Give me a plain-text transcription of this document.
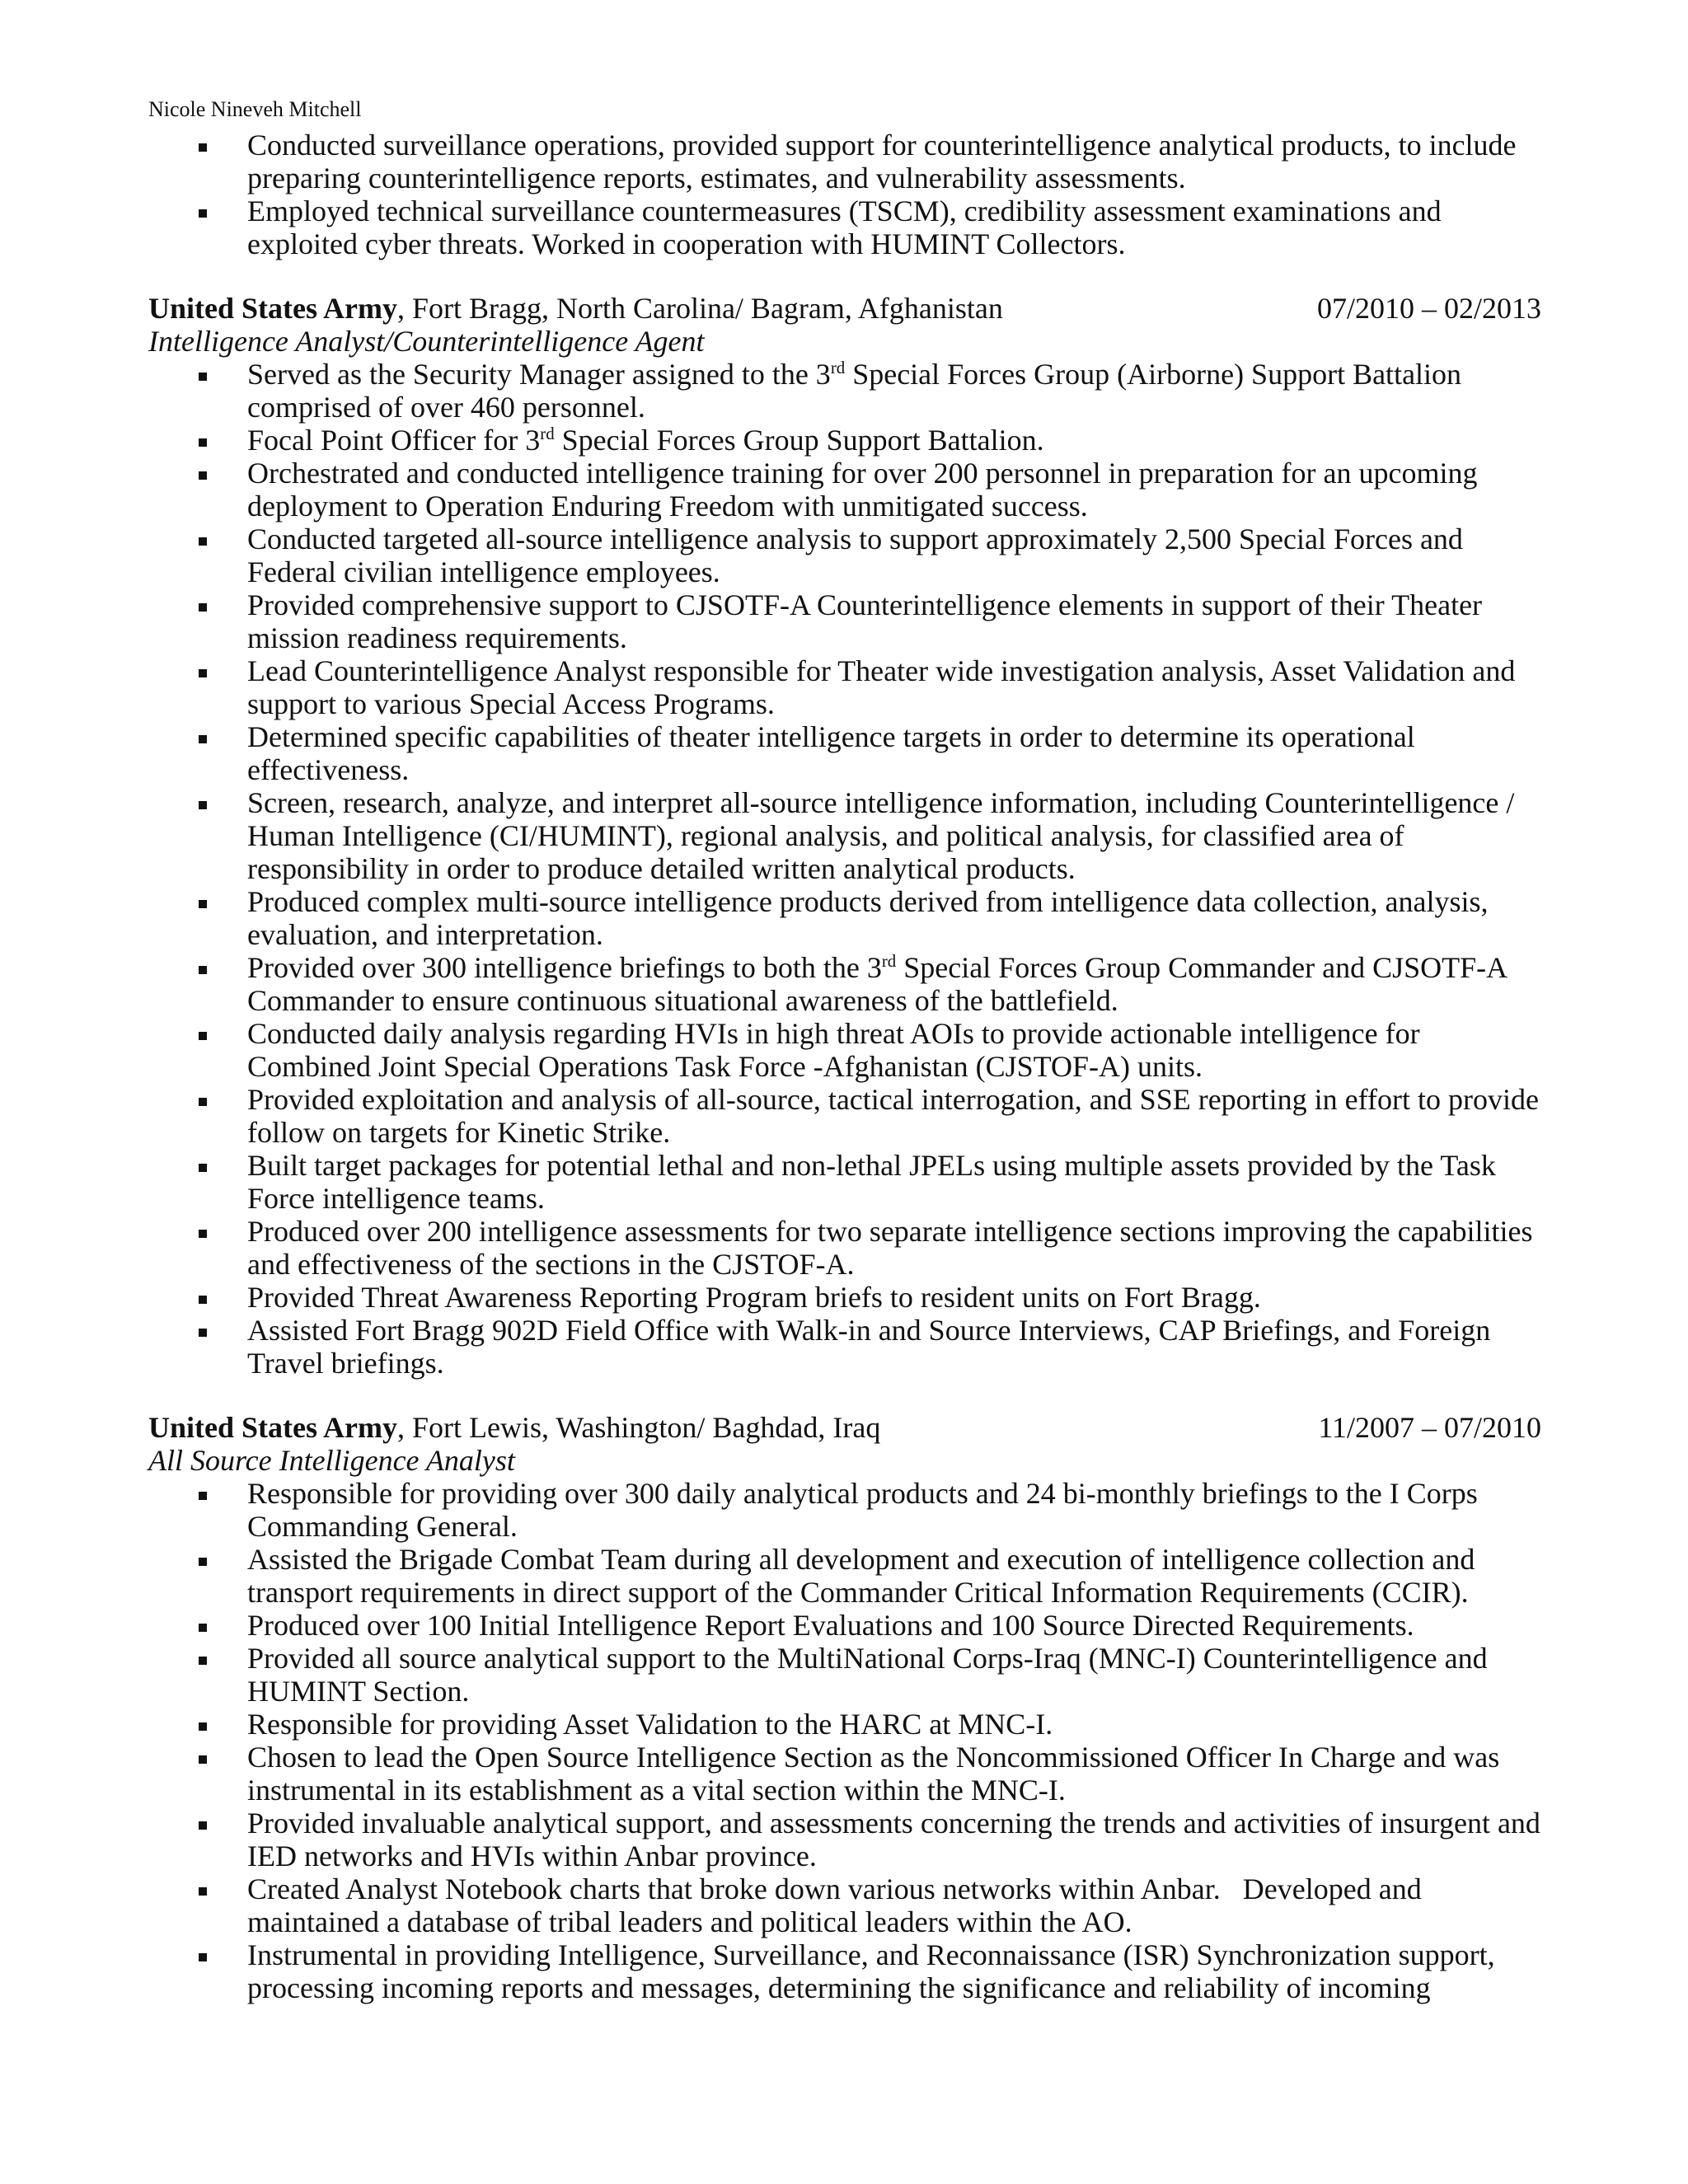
Nicole Nineveh Mitchell
Conducted surveillance operations, provided support for counterintelligence analytical products, to include preparing counterintelligence reports, estimates, and vulnerability assessments.
Employed technical surveillance countermeasures (TSCM), credibility assessment examinations and exploited cyber threats. Worked in cooperation with HUMINT Collectors.
United States Army, Fort Bragg, North Carolina/ Bagram, Afghanistan	07/2010 – 02/2013
Intelligence Analyst/Counterintelligence Agent
Served as the Security Manager assigned to the 3rd Special Forces Group (Airborne) Support Battalion comprised of over 460 personnel.
Focal Point Officer for 3rd Special Forces Group Support Battalion.
Orchestrated and conducted intelligence training for over 200 personnel in preparation for an upcoming deployment to Operation Enduring Freedom with unmitigated success.
Conducted targeted all-source intelligence analysis to support approximately 2,500 Special Forces and Federal civilian intelligence employees.
Provided comprehensive support to CJSOTF-A Counterintelligence elements in support of their Theater mission readiness requirements.
Lead Counterintelligence Analyst responsible for Theater wide investigation analysis, Asset Validation and support to various Special Access Programs.
Determined specific capabilities of theater intelligence targets in order to determine its operational effectiveness.
Screen, research, analyze, and interpret all-source intelligence information, including Counterintelligence / Human Intelligence (CI/HUMINT), regional analysis, and political analysis, for classified area of responsibility in order to produce detailed written analytical products.
Produced complex multi-source intelligence products derived from intelligence data collection, analysis, evaluation, and interpretation.
Provided over 300 intelligence briefings to both the 3rd Special Forces Group Commander and CJSOTF-A Commander to ensure continuous situational awareness of the battlefield.
Conducted daily analysis regarding HVIs in high threat AOIs to provide actionable intelligence for Combined Joint Special Operations Task Force -Afghanistan (CJSTOF-A) units.
Provided exploitation and analysis of all-source, tactical interrogation, and SSE reporting in effort to provide follow on targets for Kinetic Strike.
Built target packages for potential lethal and non-lethal JPELs using multiple assets provided by the Task Force intelligence teams.
Produced over 200 intelligence assessments for two separate intelligence sections improving the capabilities and effectiveness of the sections in the CJSTOF-A.
Provided Threat Awareness Reporting Program briefs to resident units on Fort Bragg.
Assisted Fort Bragg 902D Field Office with Walk-in and Source Interviews, CAP Briefings, and Foreign Travel briefings.
United States Army, Fort Lewis, Washington/ Baghdad, Iraq	11/2007 – 07/2010
All Source Intelligence Analyst
Responsible for providing over 300 daily analytical products and 24 bi-monthly briefings to the I Corps Commanding General.
Assisted the Brigade Combat Team during all development and execution of intelligence collection and transport requirements in direct support of the Commander Critical Information Requirements (CCIR).
Produced over 100 Initial Intelligence Report Evaluations and 100 Source Directed Requirements.
Provided all source analytical support to the MultiNational Corps-Iraq (MNC-I) Counterintelligence and HUMINT Section.
Responsible for providing Asset Validation to the HARC at MNC-I.
Chosen to lead the Open Source Intelligence Section as the Noncommissioned Officer In Charge and was instrumental in its establishment as a vital section within the MNC-I.
Provided invaluable analytical support, and assessments concerning the trends and activities of insurgent and IED networks and HVIs within Anbar province.
Created Analyst Notebook charts that broke down various networks within Anbar.   Developed and maintained a database of tribal leaders and political leaders within the AO.
Instrumental in providing Intelligence, Surveillance, and Reconnaissance (ISR) Synchronization support, processing incoming reports and messages, determining the significance and reliability of incoming
